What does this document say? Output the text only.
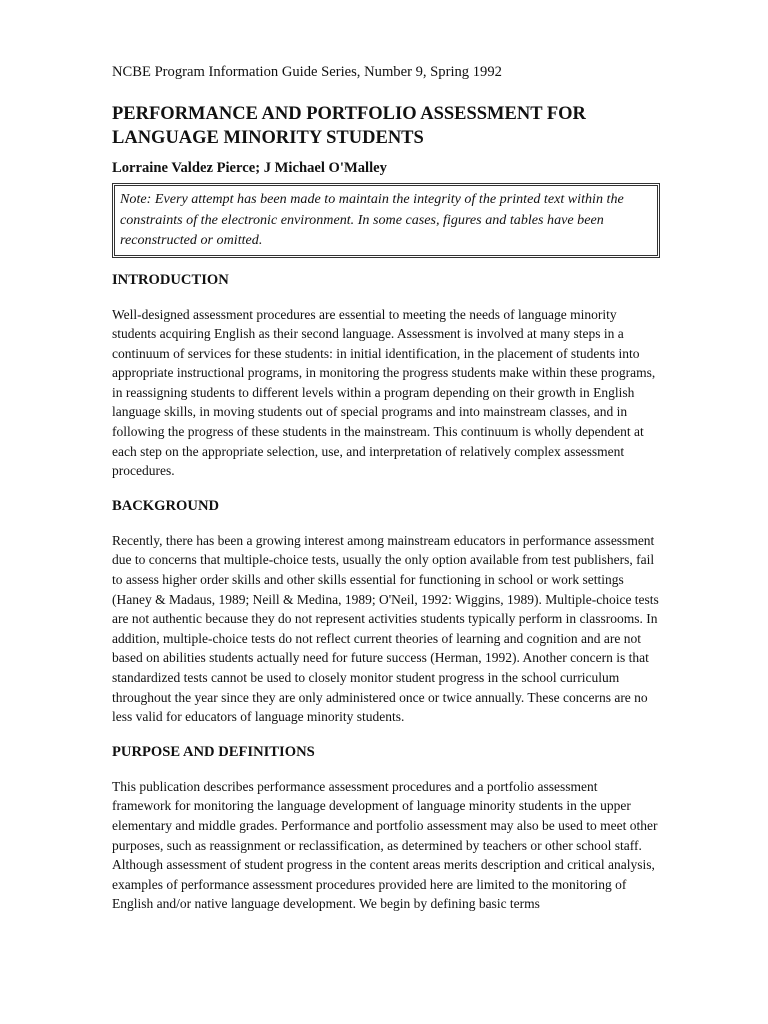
NCBE Program Information Guide Series, Number 9, Spring 1992
PERFORMANCE AND PORTFOLIO ASSESSMENT FOR
LANGUAGE MINORITY STUDENTS
Lorraine Valdez Pierce; J Michael O'Malley

Note: Every attempt has been made to maintain the integrity of the printed text within the constraints of the electronic environment. In some cases, figures and tables have been reconstructed or omitted.

INTRODUCTION

Well-designed assessment procedures are essential to meeting the needs of language minority students acquiring English as their second language. Assessment is involved at many steps in a continuum of services for these students: in initial identification, in the placement of students into appropriate instructional programs, in monitoring the progress students make within these programs, in reassigning students to different levels within a program depending on their growth in English language skills, in moving students out of special programs and into mainstream classes, and in following the progress of these students in the mainstream. This continuum is wholly dependent at each step on the appropriate selection, use, and interpretation of relatively complex assessment procedures.

BACKGROUND

Recently, there has been a growing interest among mainstream educators in performance assessment due to concerns that multiple-choice tests, usually the only option available from test publishers, fail to assess higher order skills and other skills essential for functioning in school or work settings (Haney & Madaus, 1989; Neill & Medina, 1989; O'Neil, 1992: Wiggins, 1989). Multiple-choice tests are not authentic because they do not represent activities students typically perform in classrooms. In addition, multiple-choice tests do not reflect current theories of learning and cognition and are not based on abilities students actually need for future success (Herman, 1992). Another concern is that standardized tests cannot be used to closely monitor student progress in the school curriculum throughout the year since they are only administered once or twice annually. These concerns are no less valid for educators of language minority students.

PURPOSE AND DEFINITIONS

This publication describes performance assessment procedures and a portfolio assessment framework for monitoring the language development of language minority students in the upper elementary and middle grades. Performance and portfolio assessment may also be used to meet other purposes, such as reassignment or reclassification, as determined by teachers or other school staff. Although assessment of student progress in the content areas merits description and critical analysis, examples of performance assessment procedures provided here are limited to the monitoring of English and/or native language development. We begin by defining basic terms
